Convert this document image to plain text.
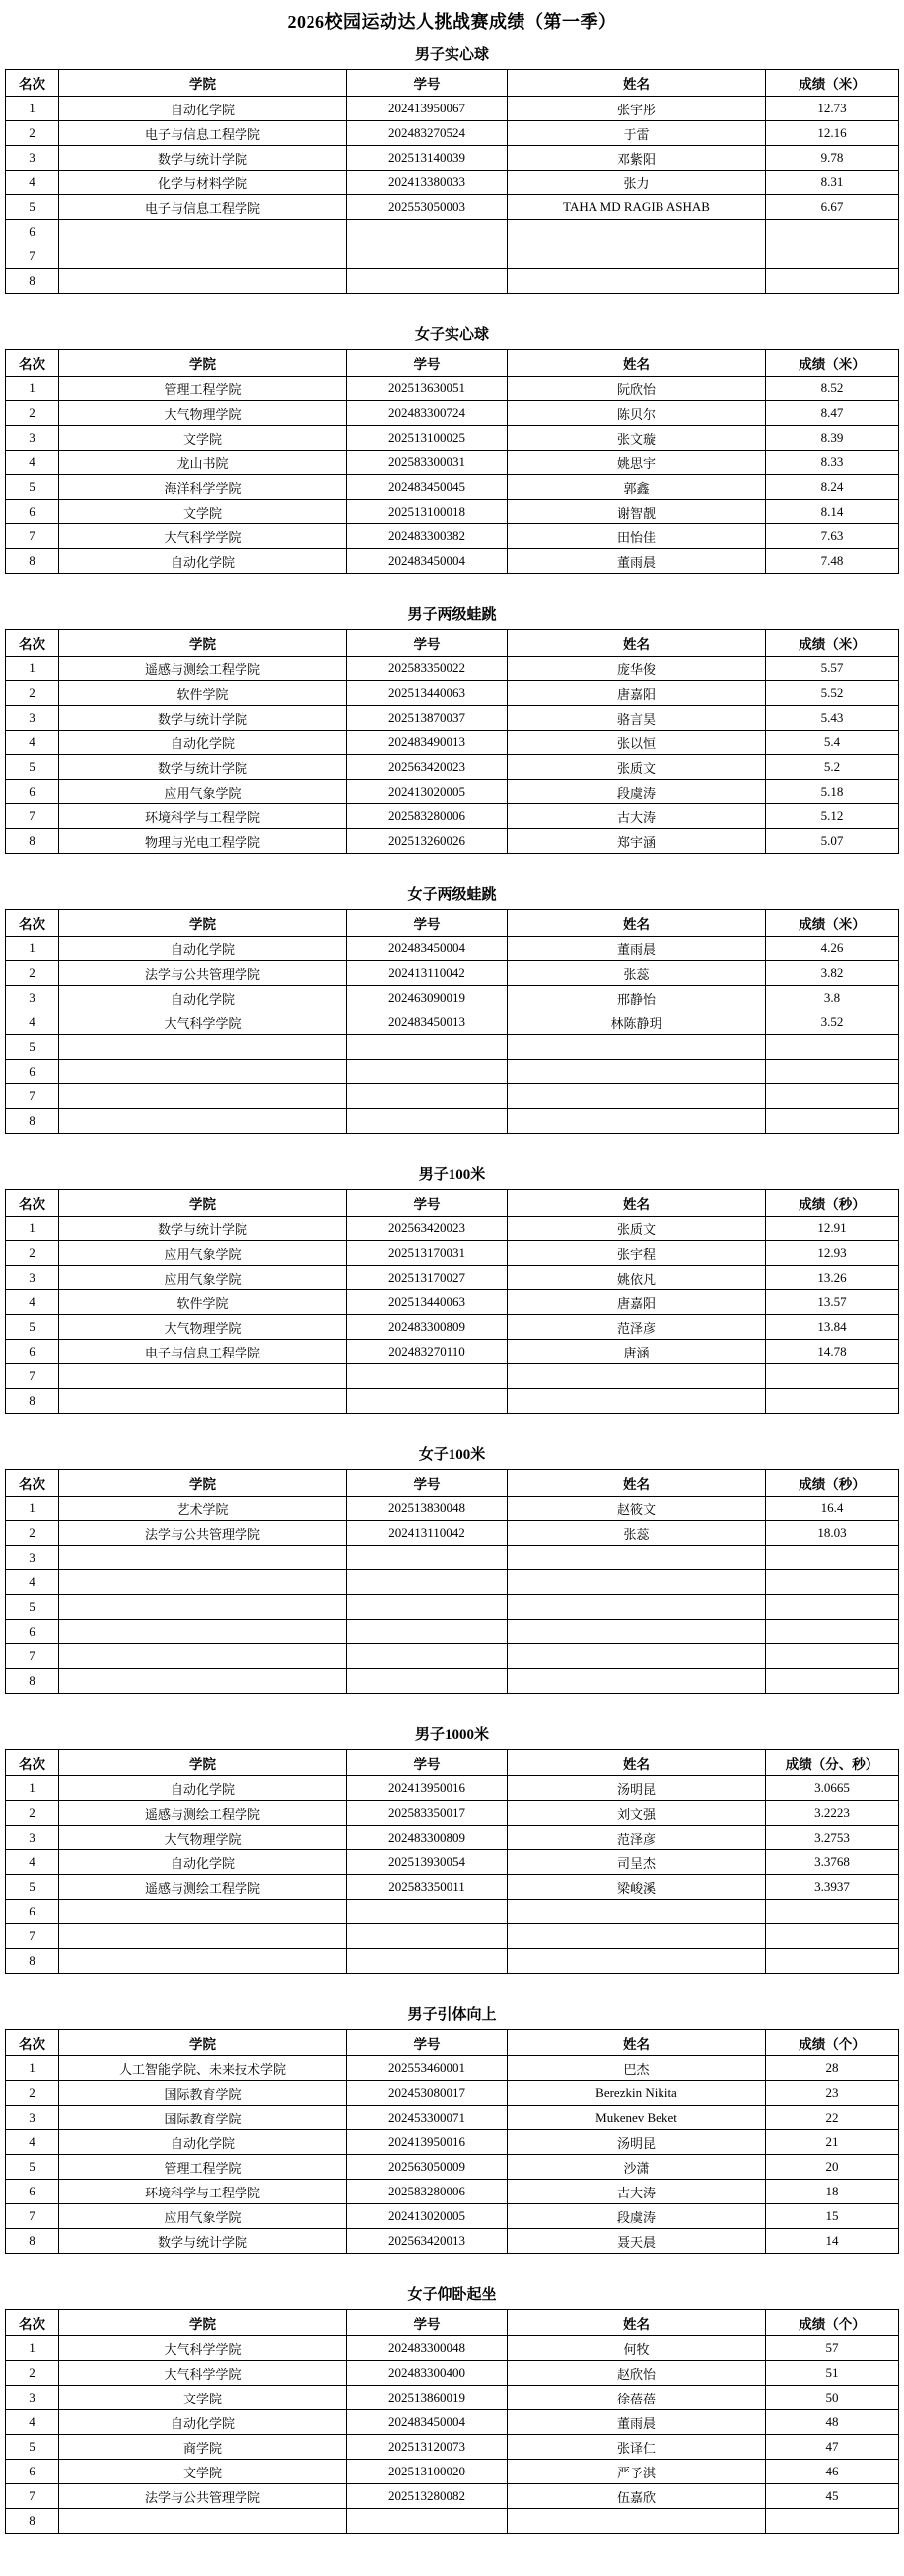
2026校园运动达人挑战赛成绩（第一季）
男子实心球
名次	学院	学号	姓名	成绩（米）
1	自动化学院	202413950067	张宇彤	12.73
2	电子与信息工程学院	202483270524	于雷	12.16
3	数学与统计学院	202513140039	邓紫阳	9.78
4	化学与材料学院	202413380033	张力	8.31
5	电子与信息工程学院	202553050003	TAHA MD RAGIB ASHAB	6.67
6				
7				
8				
女子实心球
名次	学院	学号	姓名	成绩（米）
1	管理工程学院	202513630051	阮欣怡	8.52
2	大气物理学院	202483300724	陈贝尔	8.47
3	文学院	202513100025	张文璇	8.39
4	龙山书院	202583300031	姚思宇	8.33
5	海洋科学学院	202483450045	郭鑫	8.24
6	文学院	202513100018	谢智靓	8.14
7	大气科学学院	202483300382	田怡佳	7.63
8	自动化学院	202483450004	董雨晨	7.48
男子两级蛙跳
名次	学院	学号	姓名	成绩（米）
1	遥感与测绘工程学院	202583350022	庞华俊	5.57
2	软件学院	202513440063	唐嘉阳	5.52
3	数学与统计学院	202513870037	骆言昊	5.43
4	自动化学院	202483490013	张以恒	5.4
5	数学与统计学院	202563420023	张质文	5.2
6	应用气象学院	202413020005	段虞涛	5.18
7	环境科学与工程学院	202583280006	古大涛	5.12
8	物理与光电工程学院	202513260026	郑宇涵	5.07
女子两级蛙跳
名次	学院	学号	姓名	成绩（米）
1	自动化学院	202483450004	董雨晨	4.26
2	法学与公共管理学院	202413110042	张蕊	3.82
3	自动化学院	202463090019	邢静怡	3.8
4	大气科学学院	202483450013	林陈静玥	3.52
5				
6				
7				
8				
男子100米
名次	学院	学号	姓名	成绩（秒）
1	数学与统计学院	202563420023	张质文	12.91
2	应用气象学院	202513170031	张宇程	12.93
3	应用气象学院	202513170027	姚依凡	13.26
4	软件学院	202513440063	唐嘉阳	13.57
5	大气物理学院	202483300809	范泽彦	13.84
6	电子与信息工程学院	202483270110	唐涵	14.78
7				
8				
女子100米
名次	学院	学号	姓名	成绩（秒）
1	艺术学院	202513830048	赵筱文	16.4
2	法学与公共管理学院	202413110042	张蕊	18.03
3				
4				
5				
6				
7				
8				
男子1000米
名次	学院	学号	姓名	成绩（分、秒）
1	自动化学院	202413950016	汤明昆	3.0665
2	遥感与测绘工程学院	202583350017	刘文强	3.2223
3	大气物理学院	202483300809	范泽彦	3.2753
4	自动化学院	202513930054	司呈杰	3.3768
5	遥感与测绘工程学院	202583350011	梁峻溪	3.3937
6				
7				
8				
男子引体向上
名次	学院	学号	姓名	成绩（个）
1	人工智能学院、未来技术学院	202553460001	巴杰	28
2	国际教育学院	202453080017	Berezkin Nikita	23
3	国际教育学院	202453300071	Mukenev Beket	22
4	自动化学院	202413950016	汤明昆	21
5	管理工程学院	202563050009	沙潇	20
6	环境科学与工程学院	202583280006	古大涛	18
7	应用气象学院	202413020005	段虞涛	15
8	数学与统计学院	202563420013	聂天晨	14
女子仰卧起坐
名次	学院	学号	姓名	成绩（个）
1	大气科学学院	202483300048	何牧	57
2	大气科学学院	202483300400	赵欣怡	51
3	文学院	202513860019	徐蓓蓓	50
4	自动化学院	202483450004	董雨晨	48
5	商学院	202513120073	张译仁	47
6	文学院	202513100020	严予淇	46
7	法学与公共管理学院	202513280082	伍嘉欣	45
8				
